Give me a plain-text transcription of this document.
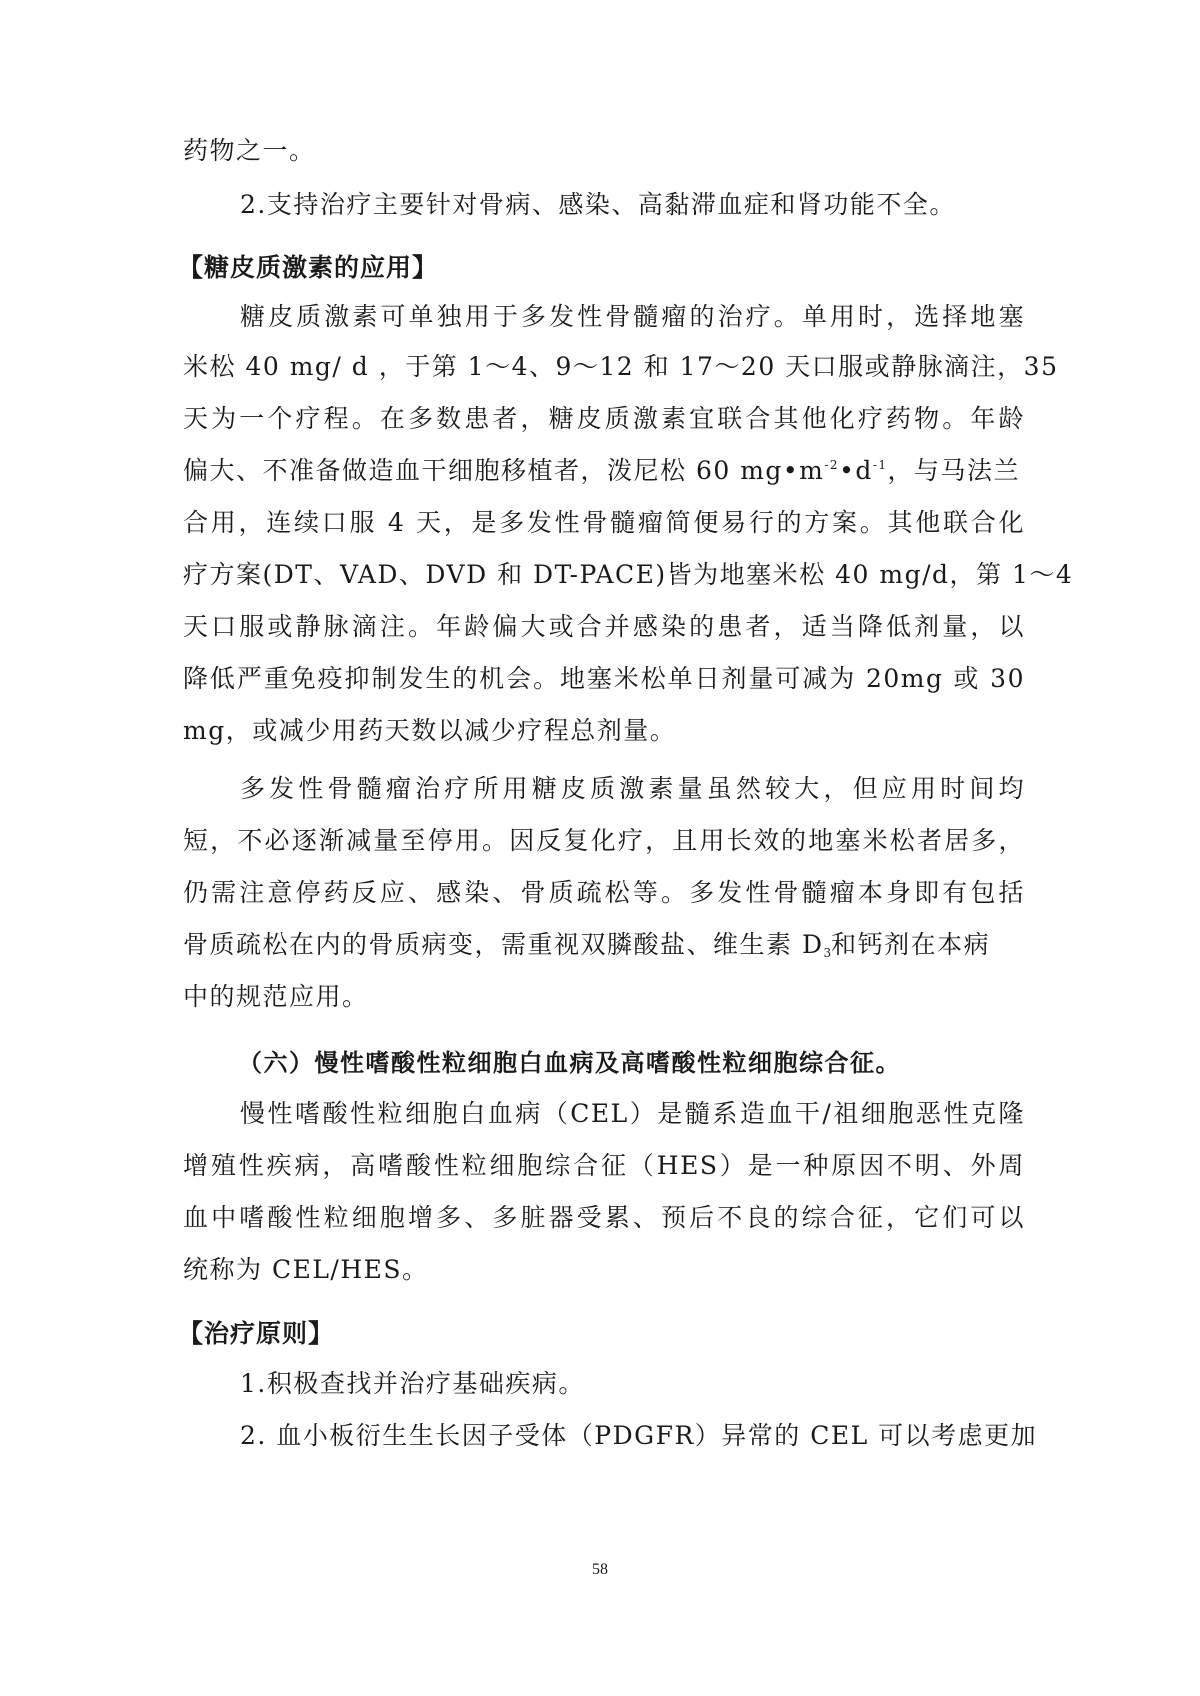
药物之一。

2.支持治疗主要针对骨病、感染、高黏滞血症和肾功能不全。

【糖皮质激素的应用】

糖皮质激素可单独用于多发性骨髓瘤的治疗。单用时，选择地塞

米松 40 mg/ d ，于第 1～4、9～12 和 17～20 天口服或静脉滴注，35

天为一个疗程。在多数患者，糖皮质激素宜联合其他化疗药物。年龄

偏大、不准备做造血干细胞移植者，泼尼松 60 $mg•m^{-2}•d^{-1}$，与马法兰

合用，连续口服 4 天，是多发性骨髓瘤简便易行的方案。其他联合化

疗方案(DT、VAD、DVD 和 DT-PACE)皆为地塞米松 40 mg/d，第 1～4

天口服或静脉滴注。年龄偏大或合并感染的患者，适当降低剂量，以

降低严重免疫抑制发生的机会。地塞米松单日剂量可减为 20mg 或 30

mg，或减少用药天数以减少疗程总剂量。

多发性骨髓瘤治疗所用糖皮质激素量虽然较大，但应用时间均

短，不必逐渐减量至停用。因反复化疗，且用长效的地塞米松者居多，

仍需注意停药反应、感染、骨质疏松等。多发性骨髓瘤本身即有包括

骨质疏松在内的骨质病变，需重视双膦酸盐、维生素 $D_3$和钙剂在本病

中的规范应用。

（六）慢性嗜酸性粒细胞白血病及高嗜酸性粒细胞综合征。

慢性嗜酸性粒细胞白血病（CEL）是髓系造血干/祖细胞恶性克隆

增殖性疾病，高嗜酸性粒细胞综合征（HES）是一种原因不明、外周

血中嗜酸性粒细胞增多、多脏器受累、预后不良的综合征，它们可以

统称为 CEL/HES。

【治疗原则】

1.积极查找并治疗基础疾病。

2. 血小板衍生生长因子受体（PDGFR）异常的 CEL 可以考虑更加

58
